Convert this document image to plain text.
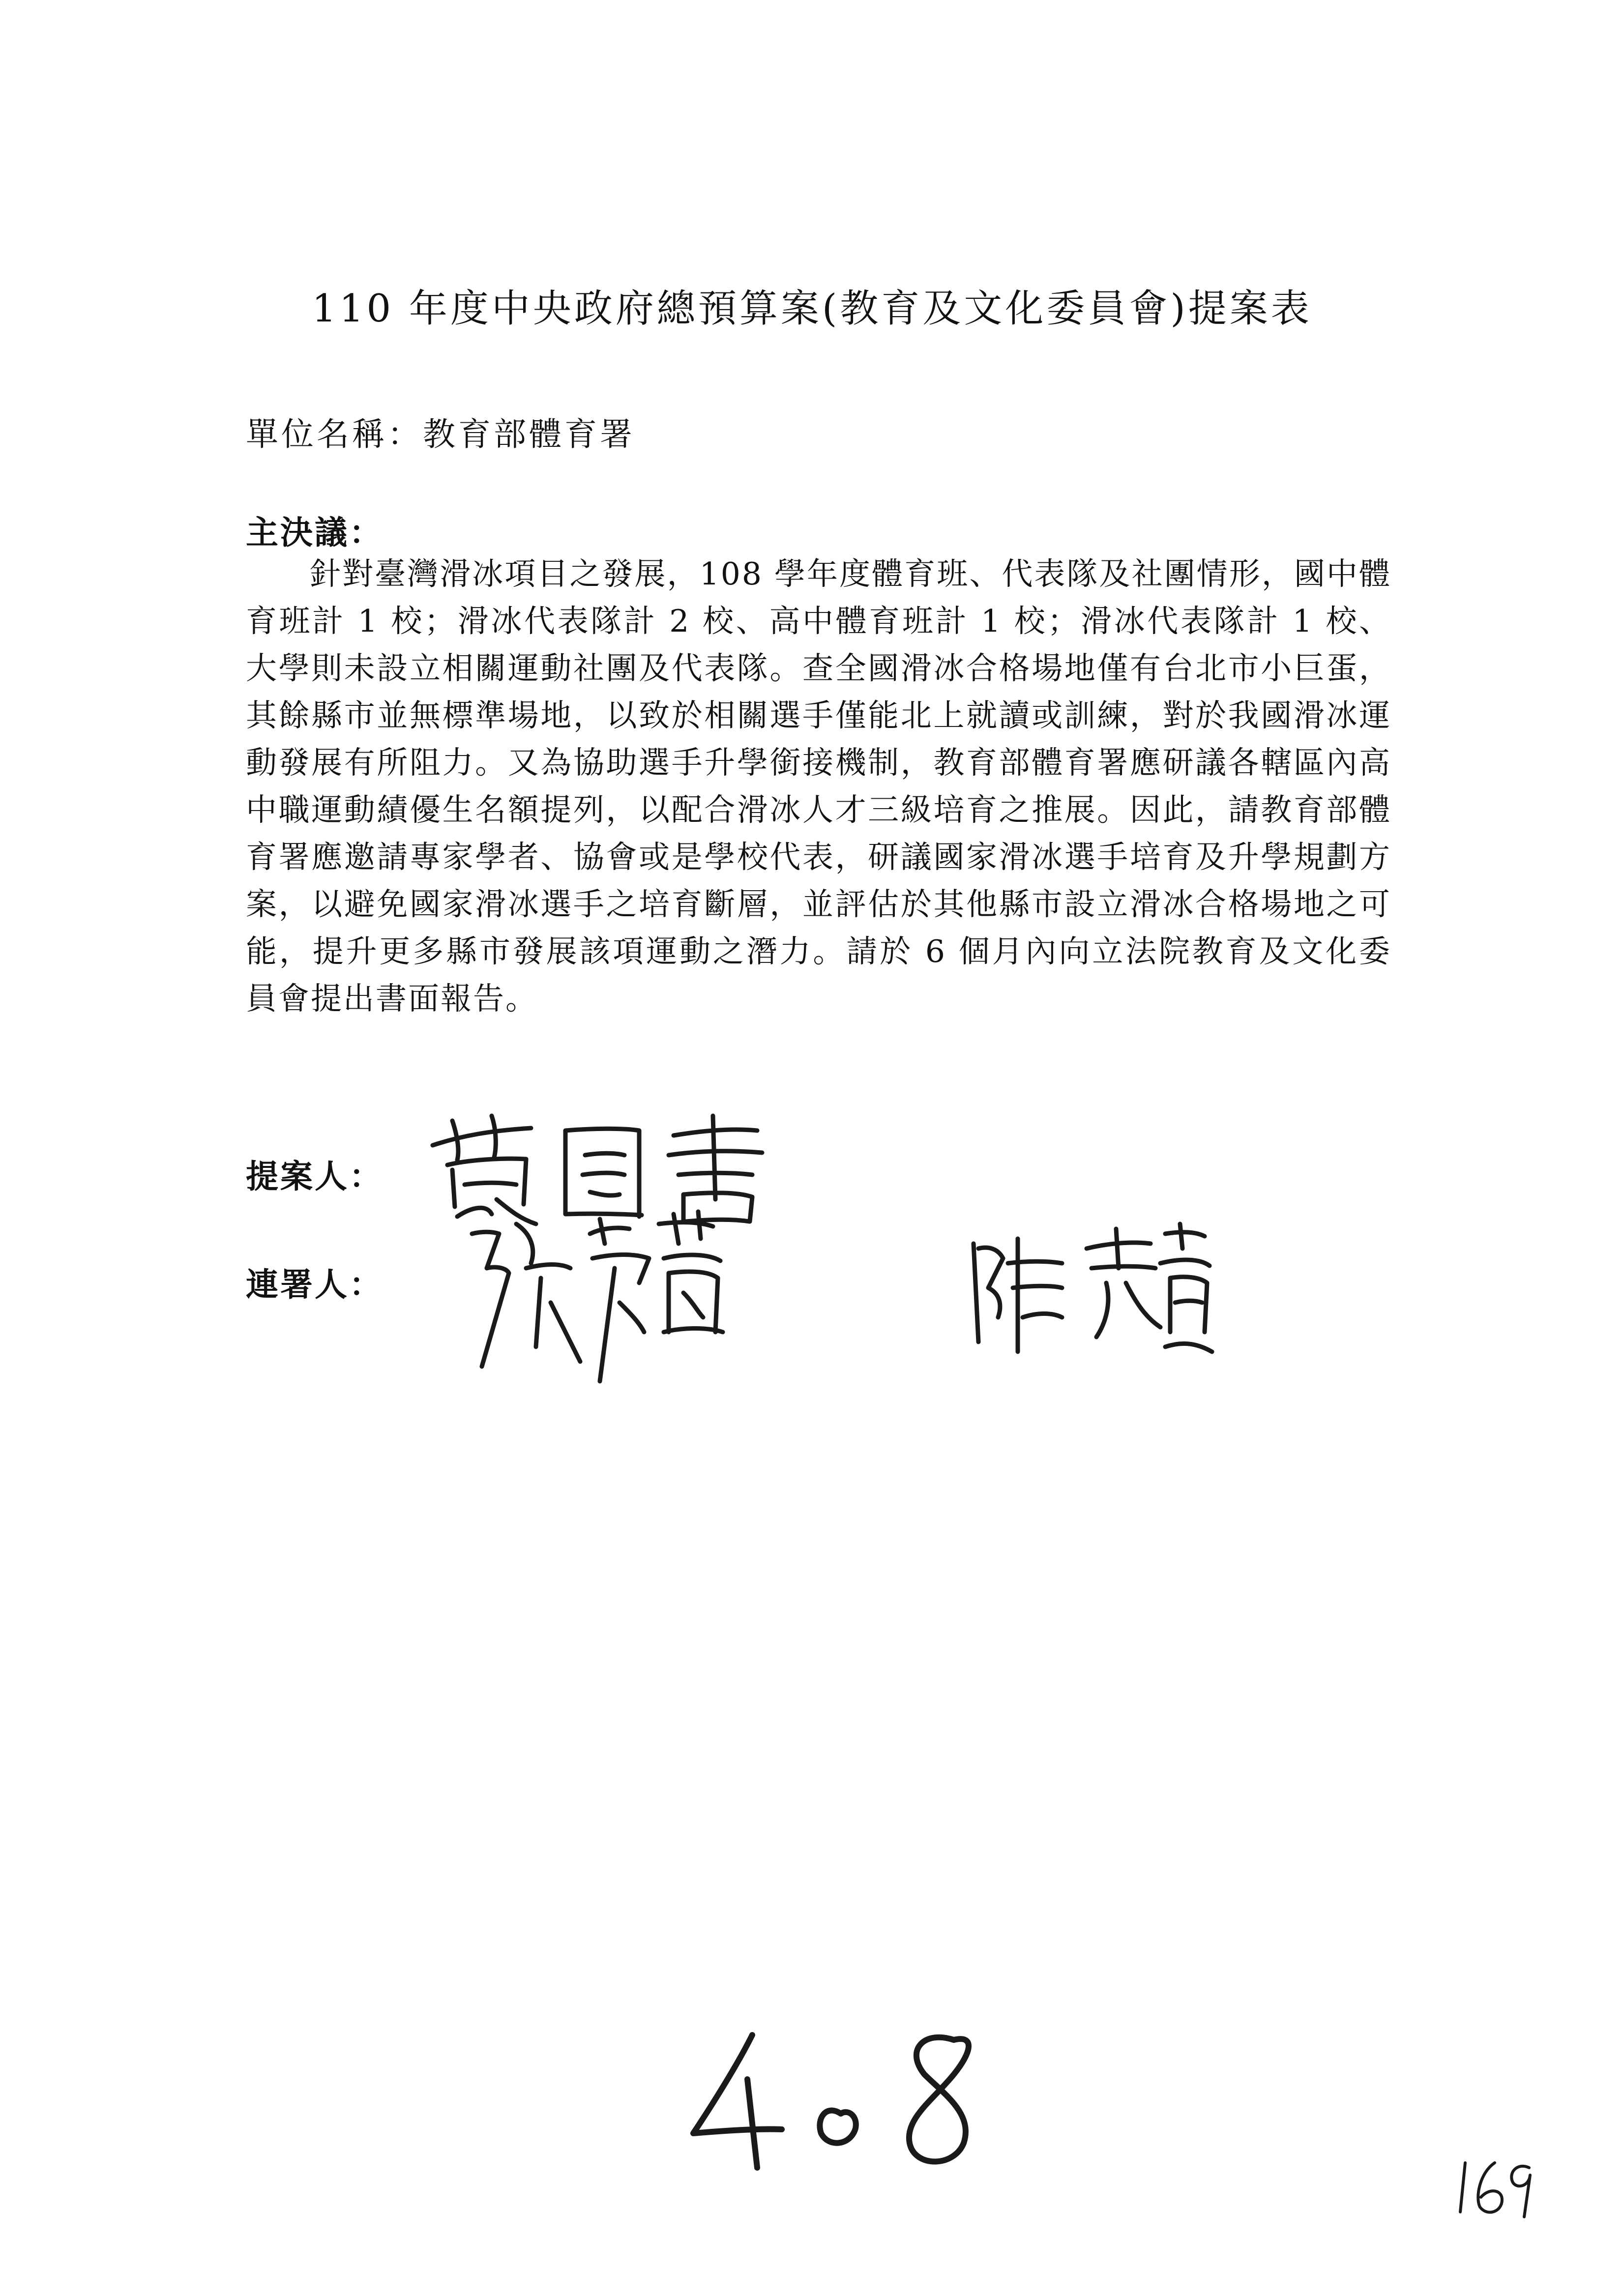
110 年度中央政府總預算案(教育及文化委員會)提案表
單位名稱：教育部體育署
主決議：
針對臺灣滑冰項目之發展，108 學年度體育班、代表隊及社團情形，國中體育班計 1 校；滑冰代表隊計 2 校、高中體育班計 1 校；滑冰代表隊計 1 校、大學則未設立相關運動社團及代表隊。查全國滑冰合格場地僅有台北市小巨蛋，其餘縣市並無標準場地，以致於相關選手僅能北上就讀或訓練，對於我國滑冰運動發展有所阻力。又為協助選手升學銜接機制，教育部體育署應研議各轄區內高中職運動績優生名額提列，以配合滑冰人才三級培育之推展。因此，請教育部體育署應邀請專家學者、協會或是學校代表，研議國家滑冰選手培育及升學規劃方案，以避免國家滑冰選手之培育斷層，並評估於其他縣市設立滑冰合格場地之可能，提升更多縣市發展該項運動之潛力。請於 6 個月內向立法院教育及文化委員會提出書面報告。
提案人：
連署人：
